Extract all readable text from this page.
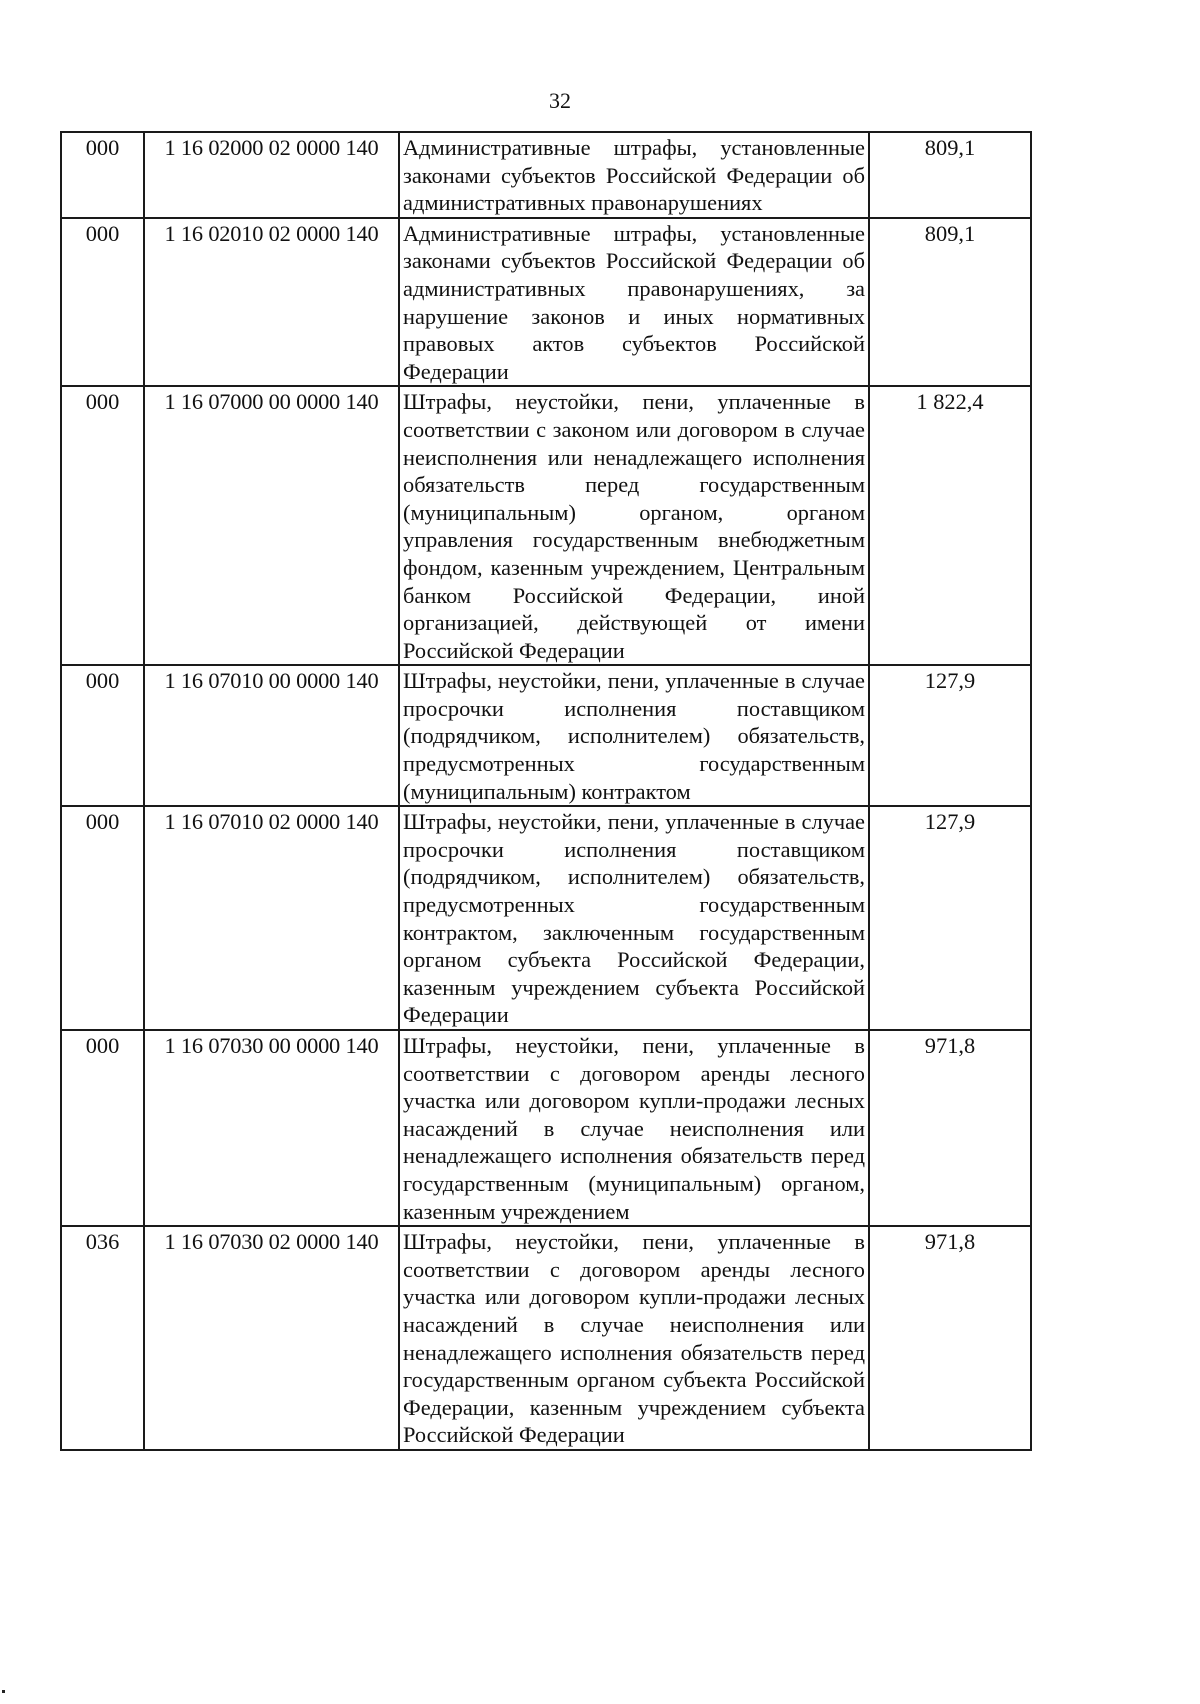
32
000	1 16 02000 02 0000 140	Административные штрафы, установленные законами субъектов Российской Федерации об административных правонарушениях	809,1
000	1 16 02010 02 0000 140	Административные штрафы, установленные законами субъектов Российской Федерации об административных правонарушениях, за нарушение законов и иных нормативных правовых актов субъектов Российской Федерации	809,1
000	1 16 07000 00 0000 140	Штрафы, неустойки, пени, уплаченные в соответствии с законом или договором в случае неисполнения или ненадлежащего исполнения обязательств перед государственным (муниципальным) органом, органом управления государственным внебюджетным фондом, казенным учреждением, Центральным банком Российской Федерации, иной организацией, действующей от имени Российской Федерации	1 822,4
000	1 16 07010 00 0000 140	Штрафы, неустойки, пени, уплаченные в случае просрочки исполнения поставщиком (подрядчиком, исполнителем) обязательств, предусмотренных государственным (муниципальным) контрактом	127,9
000	1 16 07010 02 0000 140	Штрафы, неустойки, пени, уплаченные в случае просрочки исполнения поставщиком (подрядчиком, исполнителем) обязательств, предусмотренных государственным контрактом, заключенным государственным органом субъекта Российской Федерации, казенным учреждением субъекта Российской Федерации	127,9
000	1 16 07030 00 0000 140	Штрафы, неустойки, пени, уплаченные в соответствии с договором аренды лесного участка или договором купли-продажи лесных насаждений в случае неисполнения или ненадлежащего исполнения обязательств перед государственным (муниципальным) органом, казенным учреждением	971,8
036	1 16 07030 02 0000 140	Штрафы, неустойки, пени, уплаченные в соответствии с договором аренды лесного участка или договором купли-продажи лесных насаждений в случае неисполнения или ненадлежащего исполнения обязательств перед государственным органом субъекта Российской Федерации, казенным учреждением субъекта Российской Федерации	971,8
